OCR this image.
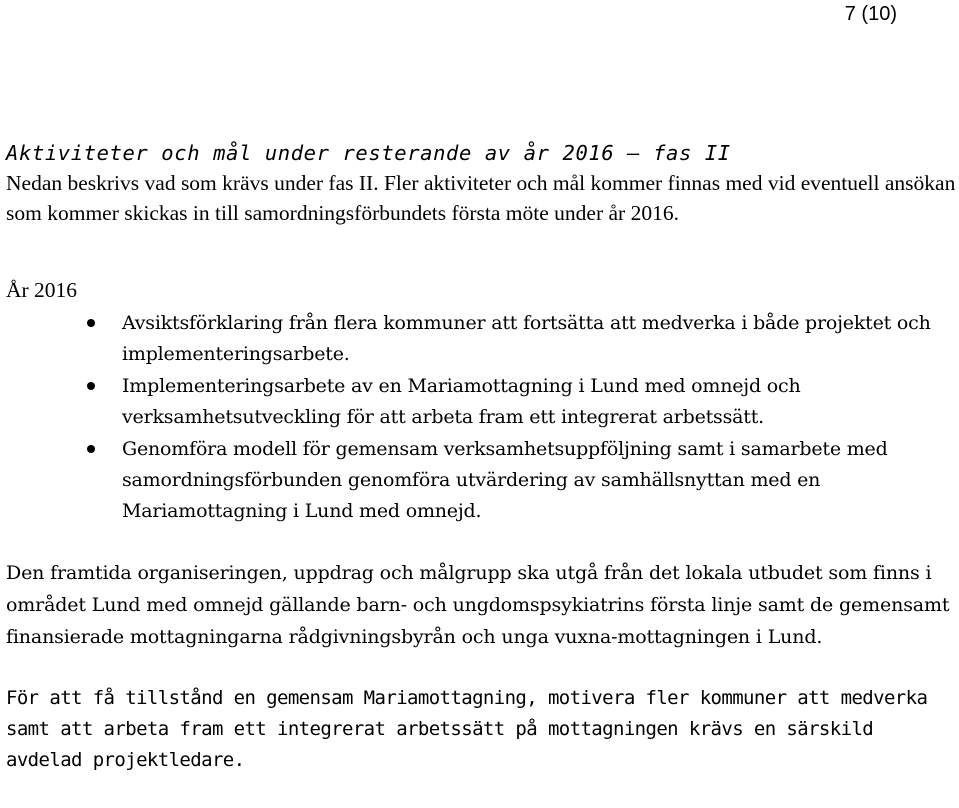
7 (10)
Aktiviteter och mål under resterande av år 2016 – fas II

Nedan beskrivs vad som krävs under fas II. Fler aktiviteter och mål kommer finnas med vid eventuell ansökan som kommer skickas in till samordningsförbundets första möte under år 2016.

År 2016

Avsiktsförklaring från flera kommuner att fortsätta att medverka i både projektet och implementeringsarbete.
Implementeringsarbete av en Mariamottagning i Lund med omnejd och verksamhetsutveckling för att arbeta fram ett integrerat arbetssätt.
Genomföra modell för gemensam verksamhetsuppföljning samt i samarbete med samordningsförbunden genomföra utvärdering av samhällsnyttan med en Mariamottagning i Lund med omnejd.

Den framtida organiseringen, uppdrag och målgrupp ska utgå från det lokala utbudet som finns i området Lund med omnejd gällande barn- och ungdomspsykiatrins första linje samt de gemensamt finansierade mottagningarna rådgivningsbyrån och unga vuxna-mottagningen i Lund.

För att få tillstånd en gemensam Mariamottagning, motivera fler kommuner att medverka samt att arbeta fram ett integrerat arbetssätt på mottagningen krävs en särskild avdelad projektledare.
